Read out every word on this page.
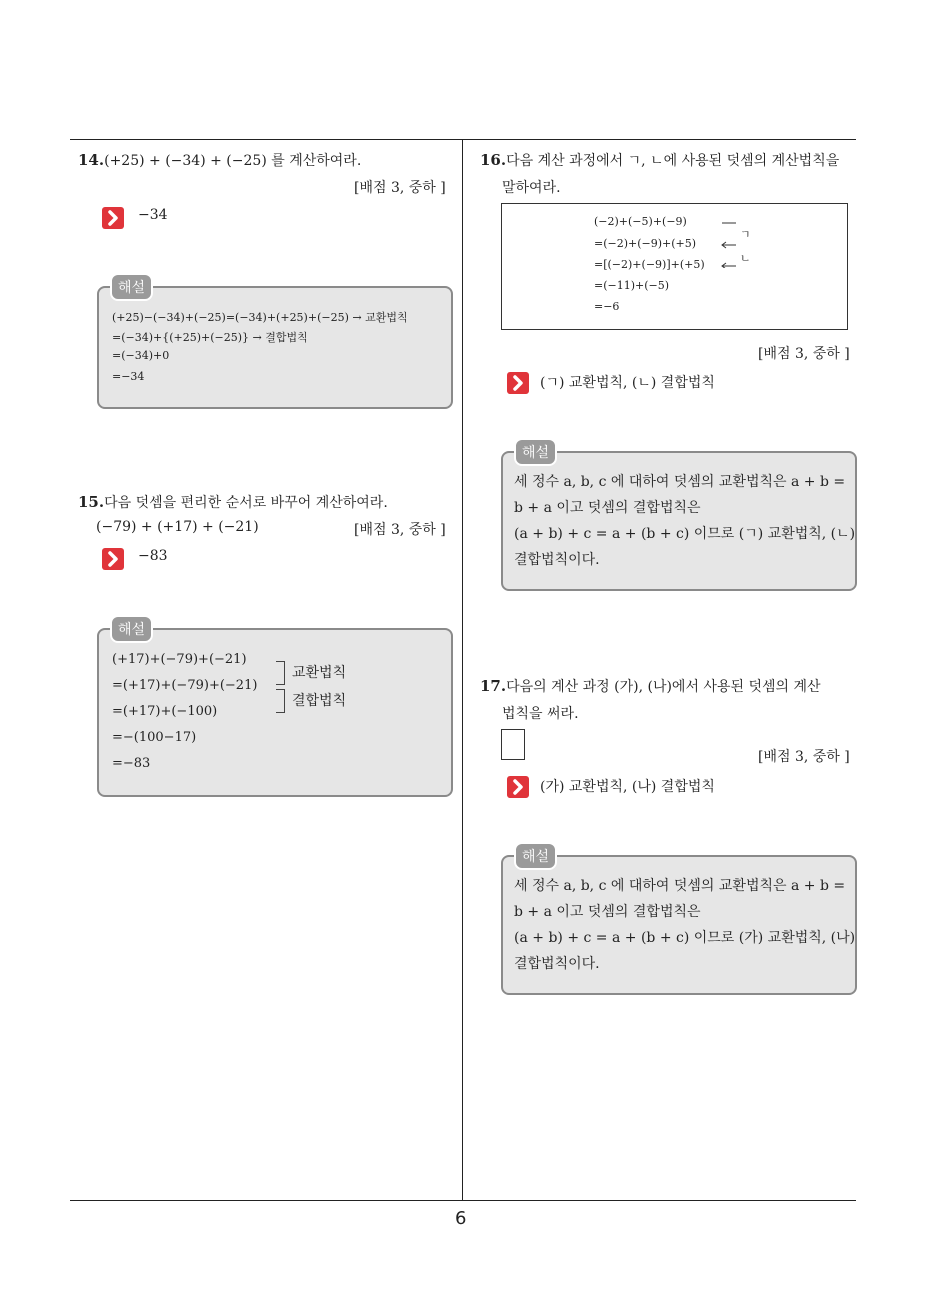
14.(+25) + (−34) + (−25) 를 계산하여라.
[배점 3, 중하 ]
−34
해설
(+25)−(−34)+(−25)=(−34)+(+25)+(−25) → 교환법칙
=(−34)+{(+25)+(−25)} → 결합법칙
=(−34)+0
=−34
15.다음 덧셈을 편리한 순서로 바꾸어 계산하여라.
(−79) + (+17) + (−21)	[배점 3, 중하 ]
−83
해설
(+17)+(−79)+(−21)
=(+17)+(−79)+(−21)
=(+17)+(−100)
=−(100−17)
=−83
교환법칙
결합법칙
16.다음 계산 과정에서 ㄱ, ㄴ에 사용된 덧셈의 계산법칙을
말하여라.
(−2)+(−5)+(−9)
=(−2)+(−9)+(+5)
=[(−2)+(−9)]+(+5)
=(−11)+(−5)
=−6
ㄱ
ㄴ
[배점 3, 중하 ]
(ㄱ) 교환법칙, (ㄴ) 결합법칙
해설
세 정수 a, b, c 에 대하여 덧셈의 교환법칙은 a + b =
b + a 이고 덧셈의 결합법칙은
(a + b) + c = a + (b + c) 이므로 (ㄱ) 교환법칙, (ㄴ)
결합법칙이다.
17.다음의 계산 과정 (가), (나)에서 사용된 덧셈의 계산
법칙을 써라.
[배점 3, 중하 ]
(가) 교환법칙, (나) 결합법칙
해설
세 정수 a, b, c 에 대하여 덧셈의 교환법칙은 a + b =
b + a 이고 덧셈의 결합법칙은
(a + b) + c = a + (b + c) 이므로 (가) 교환법칙, (나)
결합법칙이다.
6
